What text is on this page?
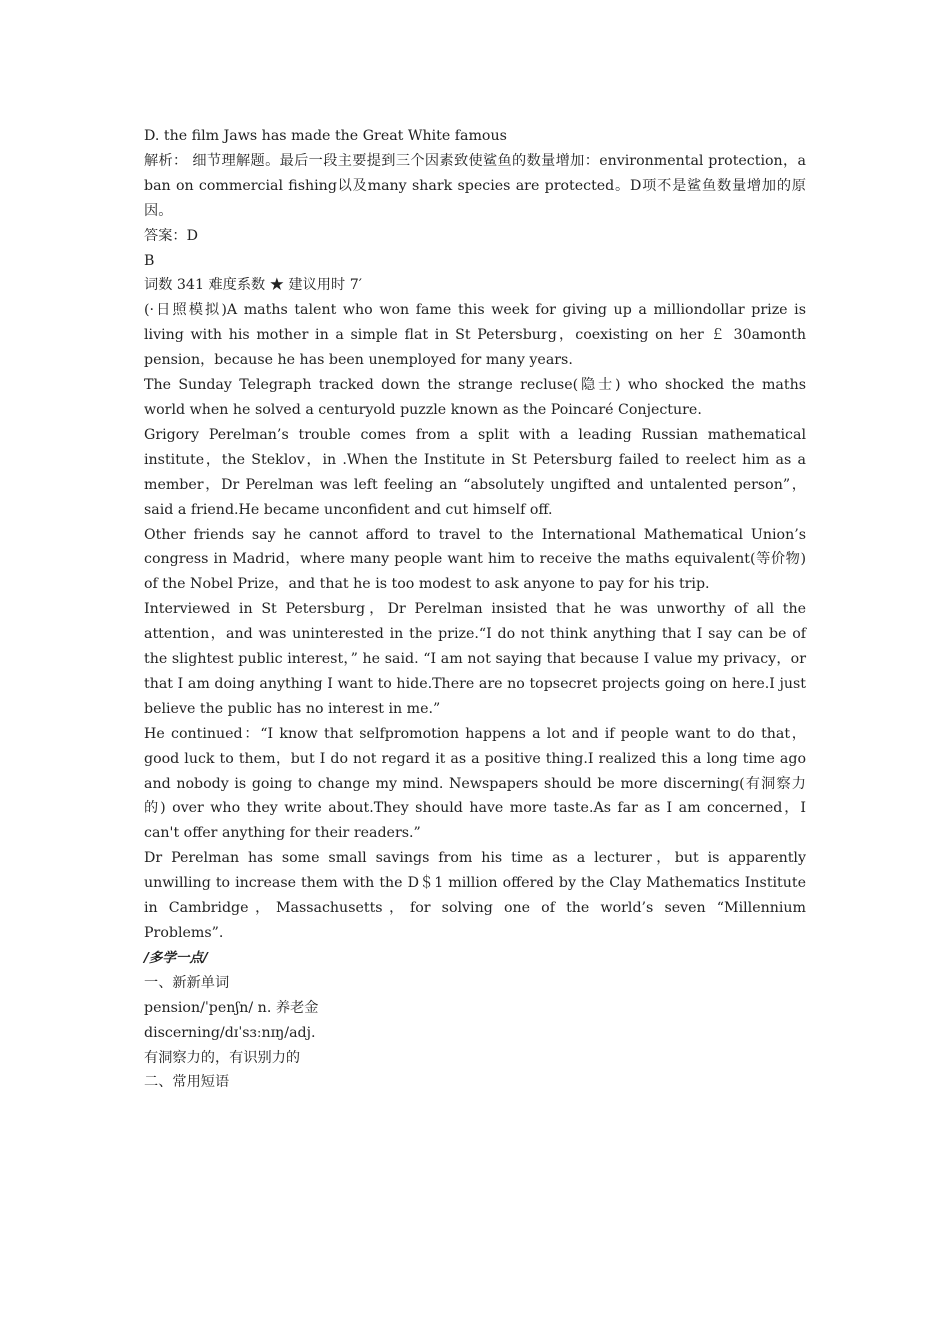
D. the film Jaws has made the Great White famous

解析： 细节理解题。最后一段主要提到三个因素致使鲨鱼的数量增加：environmental protection，a ban on commercial fishing以及many shark species are protected。D项不是鲨鱼数量增加的原因。

答案：D

B

词数 341 难度系数 ★ 建议用时 7′

(·日照模拟)A maths talent who won fame this week for giving up a milliondollar prize is living with his mother in a simple flat in St Petersburg，coexisting on her ￡ 30amonth pension，because he has been unemployed for many years.

The Sunday Telegraph tracked down the strange recluse(隐士) who shocked the maths world when he solved a centuryold puzzle known as the Poincaré Conjecture.

Grigory Perelman’s trouble comes from a split with a leading Russian mathematical institute，the Steklov，in .When the Institute in St Petersburg failed to reelect him as a member，Dr Perelman was left feeling an “absolutely ungifted and untalented person”，said a friend.He became unconfident and cut himself off.

Other friends say he cannot afford to travel to the International Mathematical Union’s congress in Madrid，where many people want him to receive the maths equivalent(等价物) of the Nobel Prize，and that he is too modest to ask anyone to pay for his trip.

Interviewed in St Petersburg，Dr Perelman insisted that he was unworthy of all the attention，and was uninterested in the prize.“I do not think anything that I say can be of the slightest public interest，” he said. “I am not saying that because I value my privacy，or that I am doing anything I want to hide.There are no topsecret projects going on here.I just believe the public has no interest in me.”

He continued：“I know that selfpromotion happens a lot and if people want to do that，good luck to them，but I do not regard it as a positive thing.I realized this a long time ago and nobody is going to change my mind. Newspapers should be more discerning(有洞察力的) over who they write about.They should have more taste.As far as I am concerned，I can't offer anything for their readers.”

Dr Perelman has some small savings from his time as a lecturer，but is apparently unwilling to increase them with the D＄1 million offered by the Clay Mathematics Institute in Cambridge，Massachusetts，for solving one of the world’s seven “Millennium Problems”.

/多学一点/

一、新新单词

pension/ˈpenʃn/ n. 养老金

discerning/dɪˈsɜːnɪŋ/adj.

有洞察力的，有识别力的

二、常用短语
